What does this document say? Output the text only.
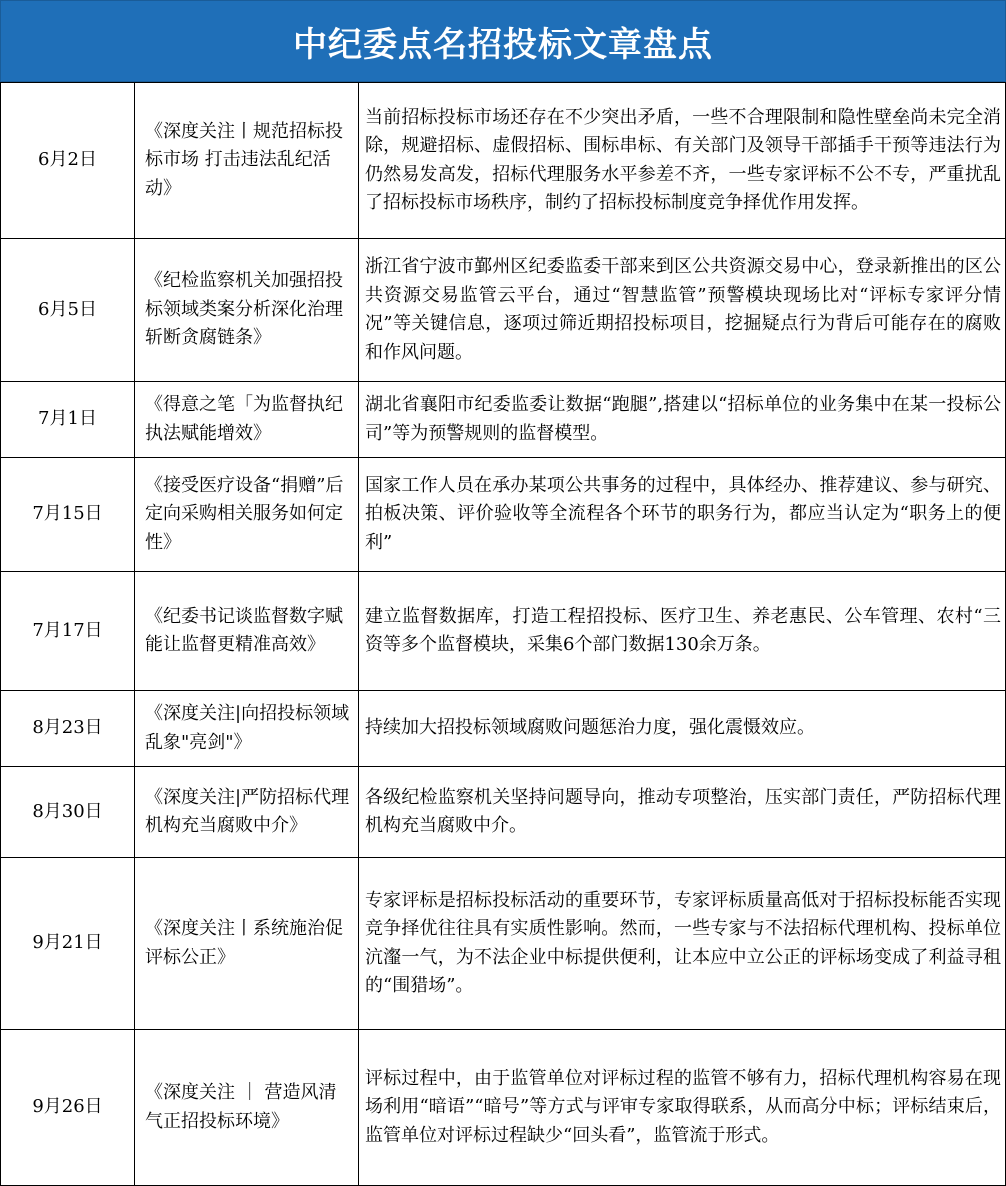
中纪委点名招投标文章盘点
6月2日	《深度关注丨规范招标投标市场 打击违法乱纪活动》	当前招标投标市场还存在不少突出矛盾，一些不合理限制和隐性壁垒尚未完全消除，规避招标、虚假招标、围标串标、有关部门及领导干部插手干预等违法行为仍然易发高发，招标代理服务水平参差不齐，一些专家评标不公不专，严重扰乱了招标投标市场秩序，制约了招标投标制度竞争择优作用发挥。
6月5日	《纪检监察机关加强招投标领域类案分析深化治理斩断贪腐链条》	浙江省宁波市鄞州区纪委监委干部来到区公共资源交易中心，登录新推出的区公共资源交易监管云平台，通过“智慧监管”预警模块现场比对“评标专家评分情况”等关键信息，逐项过筛近期招投标项目，挖掘疑点行为背后可能存在的腐败和作风问题。
7月1日	《得意之笔「为监督执纪执法赋能增效》	湖北省襄阳市纪委监委让数据“跑腿”,搭建以“招标单位的业务集中在某一投标公司”等为预警规则的监督模型。
7月15日	《接受医疗设备“捐赠”后定向采购相关服务如何定性》	国家工作人员在承办某项公共事务的过程中，具体经办、推荐建议、参与研究、拍板决策、评价验收等全流程各个环节的职务行为，都应当认定为“职务上的便利”
7月17日	《纪委书记谈监督数字赋能让监督更精准高效》	建立监督数据库，打造工程招投标、医疗卫生、养老惠民、公车管理、农村“三资等多个监督模块，采集6个部门数据130余万条。
8月23日	《深度关注|向招投标领域乱象"亮剑"》	持续加大招投标领域腐败问题惩治力度，强化震慑效应。
8月30日	《深度关注|严防招标代理机构充当腐败中介》	各级纪检监察机关坚持问题导向，推动专项整治，压实部门责任，严防招标代理机构充当腐败中介。
9月21日	《深度关注丨系统施治促评标公正》	专家评标是招标投标活动的重要环节，专家评标质量高低对于招标投标能否实现竞争择优往往具有实质性影响。然而，一些专家与不法招标代理机构、投标单位沆瀣一气，为不法企业中标提供便利，让本应中立公正的评标场变成了利益寻租的“围猎场”。
9月26日	《深度关注 ｜ 营造风清气正招投标环境》	评标过程中，由于监管单位对评标过程的监管不够有力，招标代理机构容易在现场利用“暗语”“暗号”等方式与评审专家取得联系，从而高分中标；评标结束后，监管单位对评标过程缺少“回头看”，监管流于形式。
